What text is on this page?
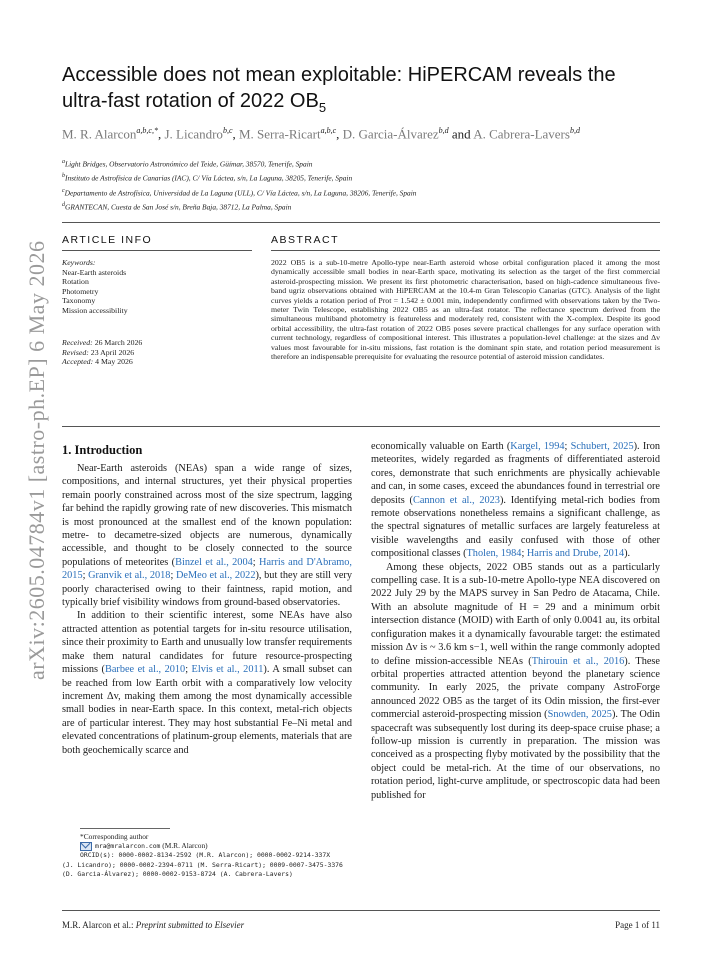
arXiv:2605.04784v1 [astro-ph.EP] 6 May 2026
Accessible does not mean exploitable: HiPERCAM reveals the
ultra-fast rotation of 2022 $OB_5$
M. R. Alarcon$^{a,b,c,*}$, J. Licandro$^{b,c}$, M. Serra-Ricart$^{a,b,c}$, D. Garcia-Álvarez$^{b,d}$ and A. Cabrera-Lavers$^{b,d}$
$^a$Light Bridges, Observatorio Astronómico del Teide, Güímar, 38570, Tenerife, Spain
$^b$Instituto de Astrofísica de Canarias (IAC), C/ Vía Láctea, s/n, La Laguna, 38205, Tenerife, Spain
$^c$Departamento de Astrofísica, Universidad de La Laguna (ULL), C/ Vía Láctea, s/n, La Laguna, 38206, Tenerife, Spain
$^d$GRANTECAN, Cuesta de San José s/n, Breña Baja, 38712, La Palma, Spain
ARTICLE INFO	ABSTRACT
Keywords:
Near-Earth asteroids
Rotation
Photometry
Taxonomy
Mission accessibility
Received: 26 March 2026
Revised: 23 April 2026
Accepted: 4 May 2026
2022 OB5 is a sub-10-metre Apollo-type near-Earth asteroid whose orbital configuration placed it among the most dynamically accessible small bodies in near-Earth space, motivating its selection as the target of the first commercial asteroid-prospecting mission. We present its first photometric characterisation, based on high-cadence simultaneous five-band ugriz observations obtained with HiPERCAM at the 10.4-m Gran Telescopio Canarias (GTC). Analysis of the light curves yields a rotation period of Prot = 1.542 ± 0.001 min, independently confirmed with observations taken by the Two-meter Twin Telescope, establishing 2022 OB5 as an ultra-fast rotator. The reflectance spectrum derived from the simultaneous multiband photometry is featureless and moderately red, consistent with the X-complex. Despite its good orbital accessibility, the ultra-fast rotation of 2022 OB5 poses severe practical challenges for any surface operation with current technology, regardless of compositional interest. This illustrates a population-level challenge: at the sizes and Δv values most favourable for in-situ missions, fast rotation is the dominant spin state, and rotation period measurement is therefore an indispensable prerequisite for evaluating the resource potential of asteroid mission candidates.
1. Introduction

Near-Earth asteroids (NEAs) span a wide range of sizes, compositions, and internal structures, yet their physical properties remain poorly constrained across most of the size spectrum, lagging far behind the rapidly growing rate of new discoveries. This mismatch is most pronounced at the smallest end of the known population: metre- to decametre-sized objects are numerous, dynamically accessible, and thought to be closely connected to the source populations of meteorites (Binzel et al., 2004; Harris and D'Abramo, 2015; Granvik et al., 2018; DeMeo et al., 2022), but they are still very poorly characterised owing to their faintness, rapid motion, and typically brief visibility windows from ground-based observatories.

In addition to their scientific interest, some NEAs have also attracted attention as potential targets for in-situ resource utilisation, since their proximity to Earth and unusually low transfer requirements make them natural candidates for future resource-prospecting missions (Barbee et al., 2010; Elvis et al., 2011). A small subset can be reached from low Earth orbit with a comparatively low velocity increment Δv, making them among the most dynamically accessible small bodies in near-Earth space. In this context, metal-rich objects are of particular interest. They may host substantial Fe–Ni metal and elevated concentrations of platinum-group elements, materials that are both geochemically scarce and

economically valuable on Earth (Kargel, 1994; Schubert, 2025). Iron meteorites, widely regarded as fragments of differentiated asteroid cores, demonstrate that such enrichments are physically achievable and can, in some cases, exceed the abundances found in terrestrial ore deposits (Cannon et al., 2023). Identifying metal-rich bodies from remote observations nonetheless remains a significant challenge, as the spectral signatures of metallic surfaces are largely featureless at visible wavelengths and easily confused with those of other compositional classes (Tholen, 1984; Harris and Drube, 2014).

Among these objects, 2022 OB5 stands out as a particularly compelling case. It is a sub-10-metre Apollo-type NEA discovered on 2022 July 29 by the MAPS survey in San Pedro de Atacama, Chile. With an absolute magnitude of H = 29 and a minimum orbit intersection distance (MOID) with Earth of only 0.0041 au, its orbital configuration makes it a dynamically favourable target: the estimated mission Δv is ~ 3.6 km s−1, well within the range commonly adopted to define mission-accessible NEAs (Thirouin et al., 2016). These orbital properties attracted attention beyond the planetary science community. In early 2025, the private company AstroForge announced 2022 OB5 as the target of its Odin mission, the first-ever commercial asteroid-prospecting mission (Snowden, 2025). The Odin spacecraft was subsequently lost during its deep-space cruise phase; a follow-up mission is currently in preparation. The mission was conceived as a prospecting flyby motivated by the possibility that the object could be metal-rich. At the time of our observations, no rotation period, light-curve amplitude, or spectroscopic data had been published for

*Corresponding author
mra@mralarcon.com (M.R. Alarcon)
ORCID(s): 0000-0002-8134-2592 (M.R. Alarcon); 0000-0002-9214-337X
(J. Licandro); 0000-0002-2394-0711 (M. Serra-Ricart); 0009-0007-3475-3376
(D. Garcia-Álvarez); 0000-0002-9153-8724 (A. Cabrera-Lavers)
M.R. Alarcon et al.: Preprint submitted to Elsevier	Page 1 of 11
